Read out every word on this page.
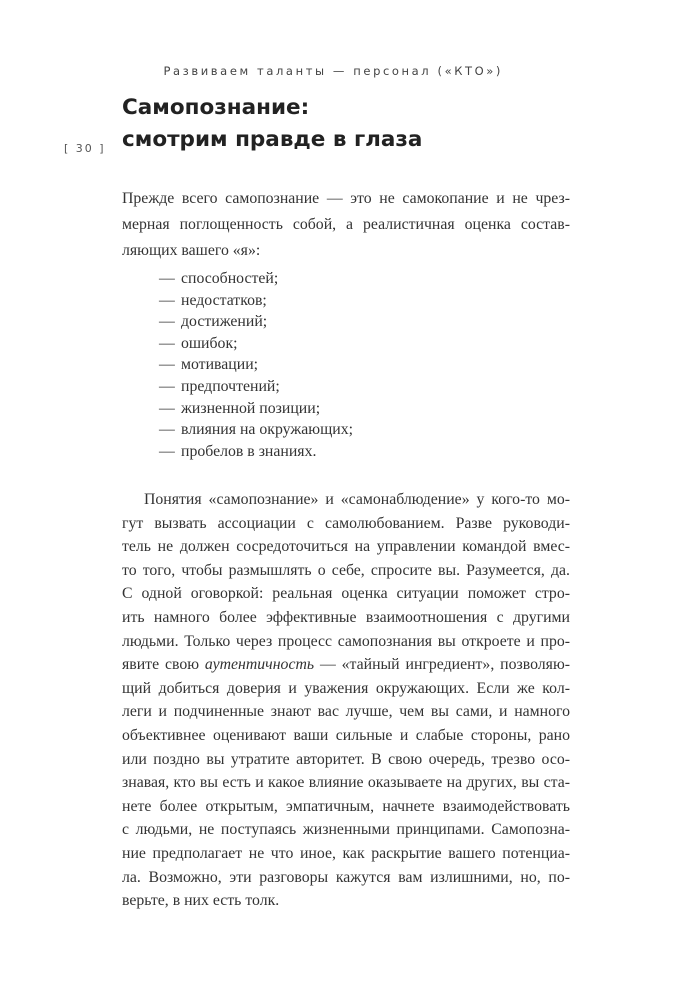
Развиваем таланты — персонал («КТО»)
[ 30 ]
Самопознание:
смотрим правде в глаза
Прежде всего самопознание — это не самокопание и не чрез-
мерная поглощенность собой, а реалистичная оценка состав-
ляющих вашего «я»:
— способностей;
— недостатков;
— достижений;
— ошибок;
— мотивации;
— предпочтений;
— жизненной позиции;
— влияния на окружающих;
— пробелов в знаниях.
Понятия «самопознание» и «самонаблюдение» у кого-то мо-
гут вызвать ассоциации с самолюбованием. Разве руководи-
тель не должен сосредоточиться на управлении командой вмес-
то того, чтобы размышлять о себе, спросите вы. Разумеется, да.
С одной оговоркой: реальная оценка ситуации поможет стро-
ить намного более эффективные взаимоотношения с другими
людьми. Только через процесс самопознания вы откроете и про-
явите свою аутентичность — «тайный ингредиент», позволяю-
щий добиться доверия и уважения окружающих. Если же кол-
леги и подчиненные знают вас лучше, чем вы сами, и намного
объективнее оценивают ваши сильные и слабые стороны, рано
или поздно вы утратите авторитет. В свою очередь, трезво осо-
знавая, кто вы есть и какое влияние оказываете на других, вы ста-
нете более открытым, эмпатичным, начнете взаимодействовать
с людьми, не поступаясь жизненными принципами. Самопозна-
ние предполагает не что иное, как раскрытие вашего потенциа-
ла. Возможно, эти разговоры кажутся вам излишними, но, по-
верьте, в них есть толк.
